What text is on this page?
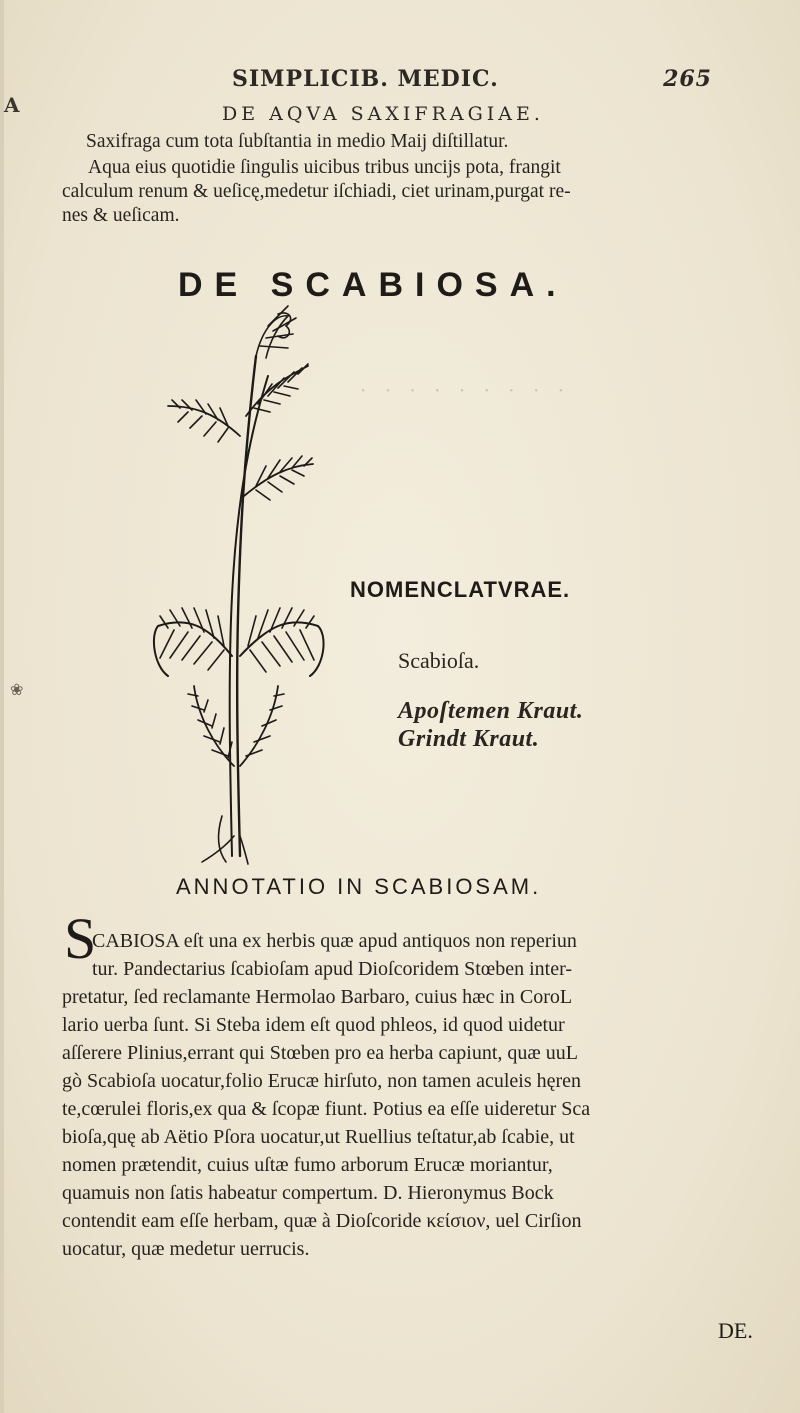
· · · · · · · · ·
A
❀
SIMPLICIB. MEDIC.	265
DE AQVA SAXIFRAGIAE.
Saxifraga cum tota ſubſtantia in medio Maij diſtillatur.
Aqua eius quotidie ſingulis uicibus tribus uncijs pota, frangit
calculum renum & ueſicę,medetur iſchiadi, ciet urinam,purgat re-
nes & ueſicam.
DE SCABIOSA.
NOMENCLATVRAE.
Scabioſa.
Apoſtemen Kraut.
Grindt Kraut.
ANNOTATIO IN SCABIOSAM.
S
CABIOSA eſt una ex herbis quæ apud antiquos non reperiun
tur. Pandectarius ſcabioſam apud Dioſcoridem Stœben inter-
pretatur, ſed reclamante Hermolao Barbaro, cuius hæc in CoroL
lario uerba ſunt. Si Steba idem eſt quod phleos, id quod uidetur
aſſerere Plinius,errant qui Stœben pro ea herba capiunt, quæ uuL
gò Scabioſa uocatur,folio Erucæ hirſuto, non tamen aculeis hęren
te,cœrulei floris,ex qua & ſcopæ fiunt. Potius ea eſſe uideretur Sca
bioſa,quę ab Aëtio Pſora uocatur,ut Ruellius teſtatur,ab ſcabie, ut
nomen prætendit, cuius uſtæ fumo arborum Erucæ moriantur,
quamuis non ſatis habeatur compertum. D. Hieronymus Bock
contendit eam eſſe herbam, quæ à Dioſcoride κείσιον, uel Cirſion
uocatur, quæ medetur uerrucis.
DE.
